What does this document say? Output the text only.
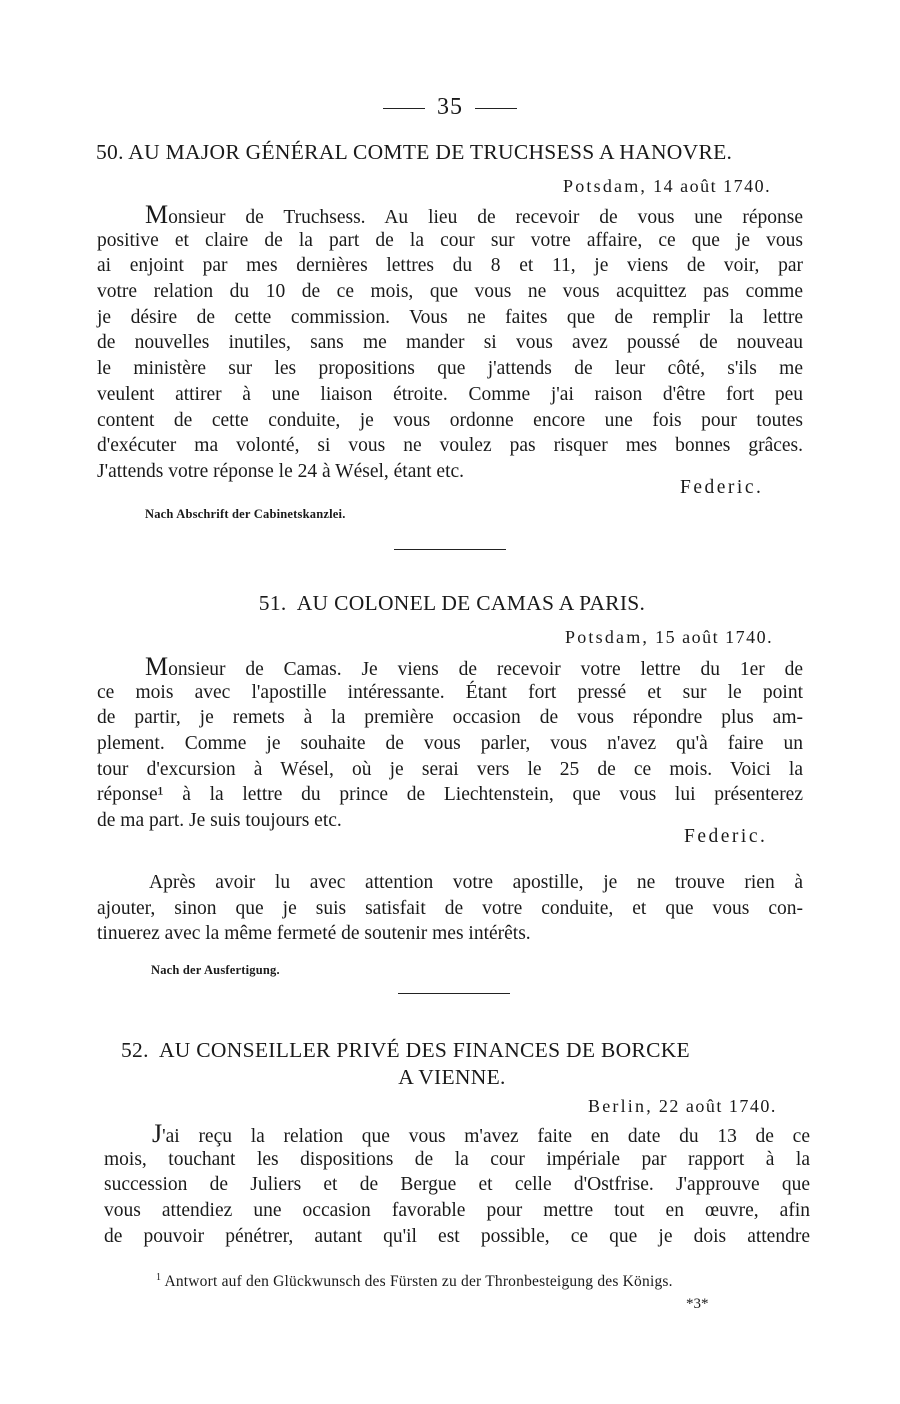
35
50. AU MAJOR GÉNÉRAL COMTE DE TRUCHSESS A HANOVRE.
Potsdam, 14 août 1740.
Monsieur de Truchsess. Au lieu de recevoir de vous une réponse
positive et claire de la part de la cour sur votre affaire, ce que je vous
ai enjoint par mes dernières lettres du 8 et 11, je viens de voir, par
votre relation du 10 de ce mois, que vous ne vous acquittez pas comme
je désire de cette commission. Vous ne faites que de remplir la lettre
de nouvelles inutiles, sans me mander si vous avez poussé de nouveau
le ministère sur les propositions que j'attends de leur côté, s'ils me
veulent attirer à une liaison étroite. Comme j'ai raison d'être fort peu
content de cette conduite, je vous ordonne encore une fois pour toutes
d'exécuter ma volonté, si vous ne voulez pas risquer mes bonnes grâces.
J'attends votre réponse le 24 à Wésel, étant etc.
Federic.
Nach Abschrift der Cabinetskanzlei.
51. AU COLONEL DE CAMAS A PARIS.
Potsdam, 15 août 1740.
Monsieur de Camas. Je viens de recevoir votre lettre du 1er de
ce mois avec l'apostille intéressante. Étant fort pressé et sur le point
de partir, je remets à la première occasion de vous répondre plus am-
plement. Comme je souhaite de vous parler, vous n'avez qu'à faire un
tour d'excursion à Wésel, où je serai vers le 25 de ce mois. Voici la
réponse¹ à la lettre du prince de Liechtenstein, que vous lui présenterez
de ma part. Je suis toujours etc.
Federic.
Après avoir lu avec attention votre apostille, je ne trouve rien à
ajouter, sinon que je suis satisfait de votre conduite, et que vous con-
tinuerez avec la même fermeté de soutenir mes intérêts.
Nach der Ausfertigung.
52. AU CONSEILLER PRIVÉ DES FINANCES DE BORCKE
A VIENNE.
Berlin, 22 août 1740.
J'ai reçu la relation que vous m'avez faite en date du 13 de ce
mois, touchant les dispositions de la cour impériale par rapport à la
succession de Juliers et de Bergue et celle d'Ostfrise. J'approuve que
vous attendiez une occasion favorable pour mettre tout en œuvre, afin
de pouvoir pénétrer, autant qu'il est possible, ce que je dois attendre
$^1$ Antwort auf den Glückwunsch des Fürsten zu der Thronbesteigung des Königs.
*3*
